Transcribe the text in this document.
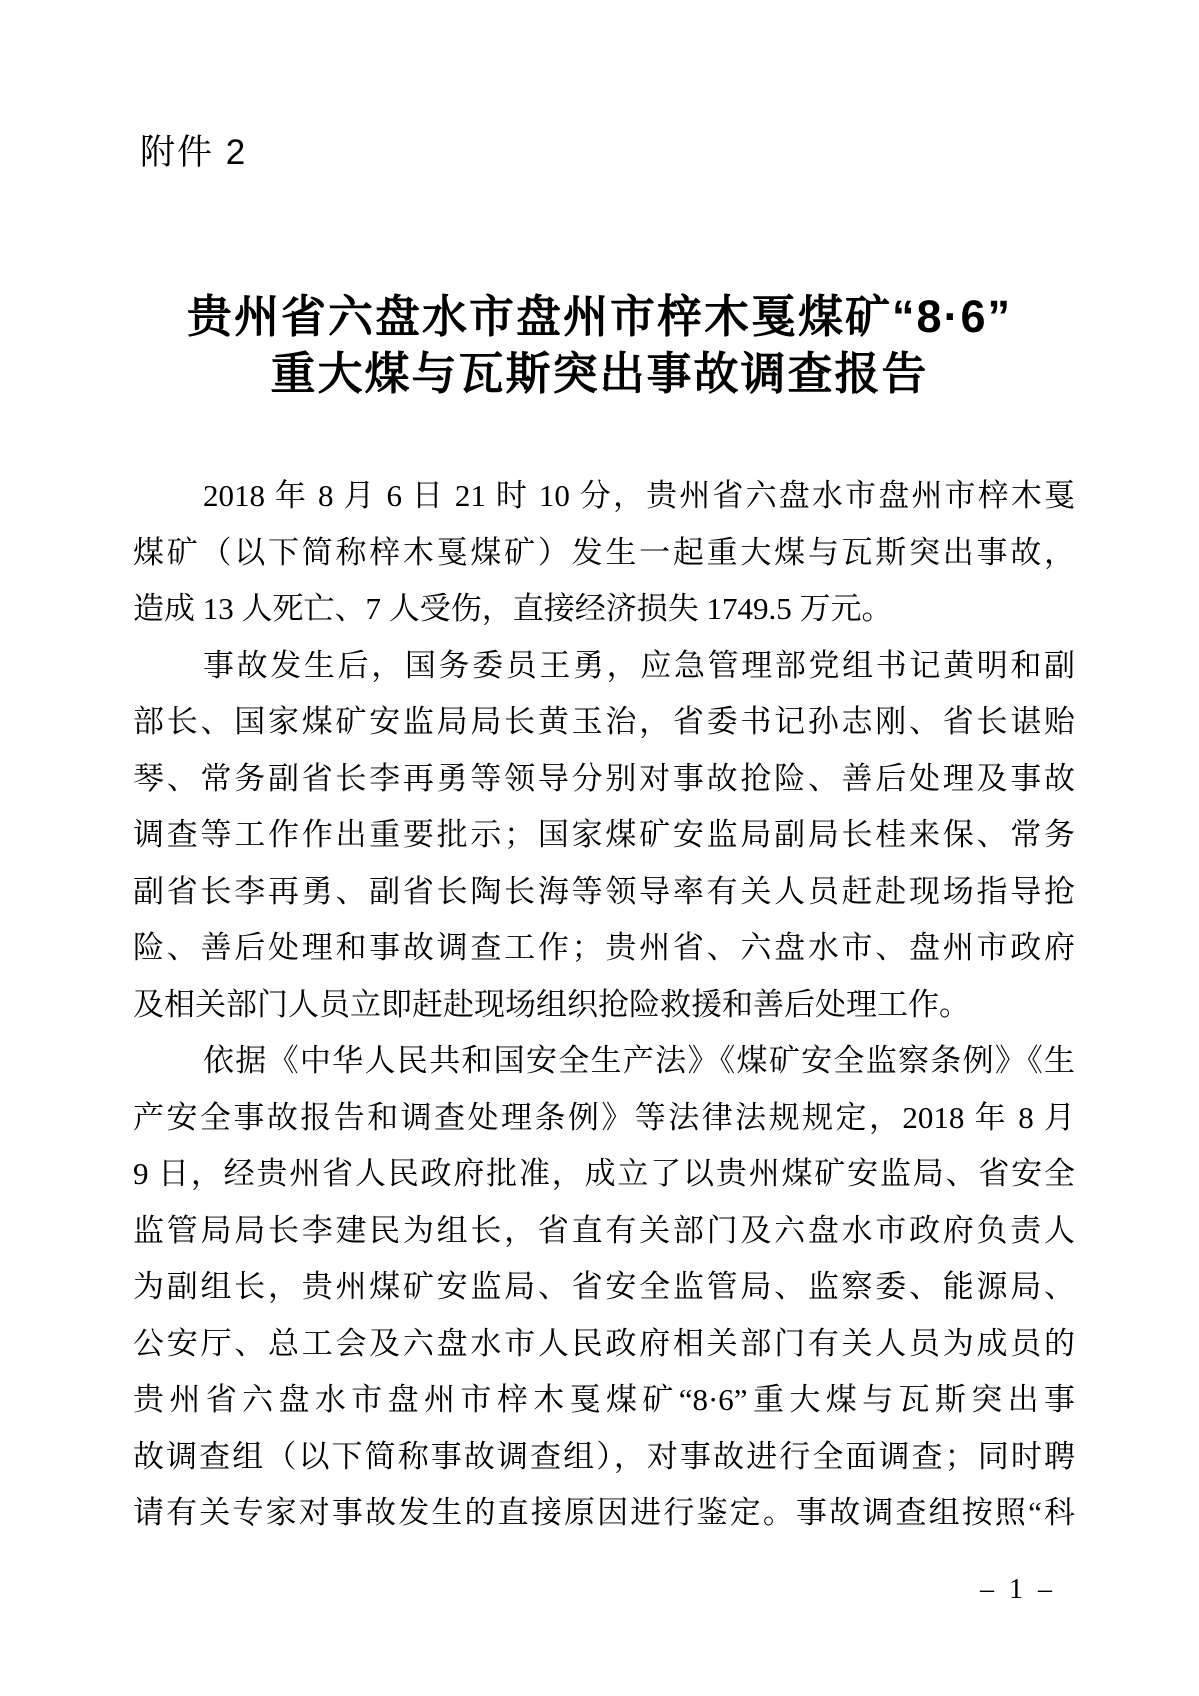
附件 2
贵州省六盘水市盘州市梓木戛煤矿“8·6”
重大煤与瓦斯突出事故调查报告
2018 年 8 月 6 日 21 时 10 分，贵州省六盘水市盘州市梓木戛
煤矿（以下简称梓木戛煤矿）发生一起重大煤与瓦斯突出事故，
造成 13 人死亡、7 人受伤，直接经济损失 1749.5 万元。
事故发生后，国务委员王勇，应急管理部党组书记黄明和副
部长、国家煤矿安监局局长黄玉治，省委书记孙志刚、省长谌贻
琴、常务副省长李再勇等领导分别对事故抢险、善后处理及事故
调查等工作作出重要批示；国家煤矿安监局副局长桂来保、常务
副省长李再勇、副省长陶长海等领导率有关人员赶赴现场指导抢
险、善后处理和事故调查工作；贵州省、六盘水市、盘州市政府
及相关部门人员立即赶赴现场组织抢险救援和善后处理工作。
依据《中华人民共和国安全生产法》《煤矿安全监察条例》《生
产安全事故报告和调查处理条例》等法律法规规定，2018 年 8 月
9 日，经贵州省人民政府批准，成立了以贵州煤矿安监局、省安全
监管局局长李建民为组长，省直有关部门及六盘水市政府负责人
为副组长，贵州煤矿安监局、省安全监管局、监察委、能源局、
公安厅、总工会及六盘水市人民政府相关部门有关人员为成员的
贵州省六盘水市盘州市梓木戛煤矿“8·6”重大煤与瓦斯突出事
故调查组（以下简称事故调查组），对事故进行全面调查；同时聘
请有关专家对事故发生的直接原因进行鉴定。事故调查组按照“科
– 1 –
